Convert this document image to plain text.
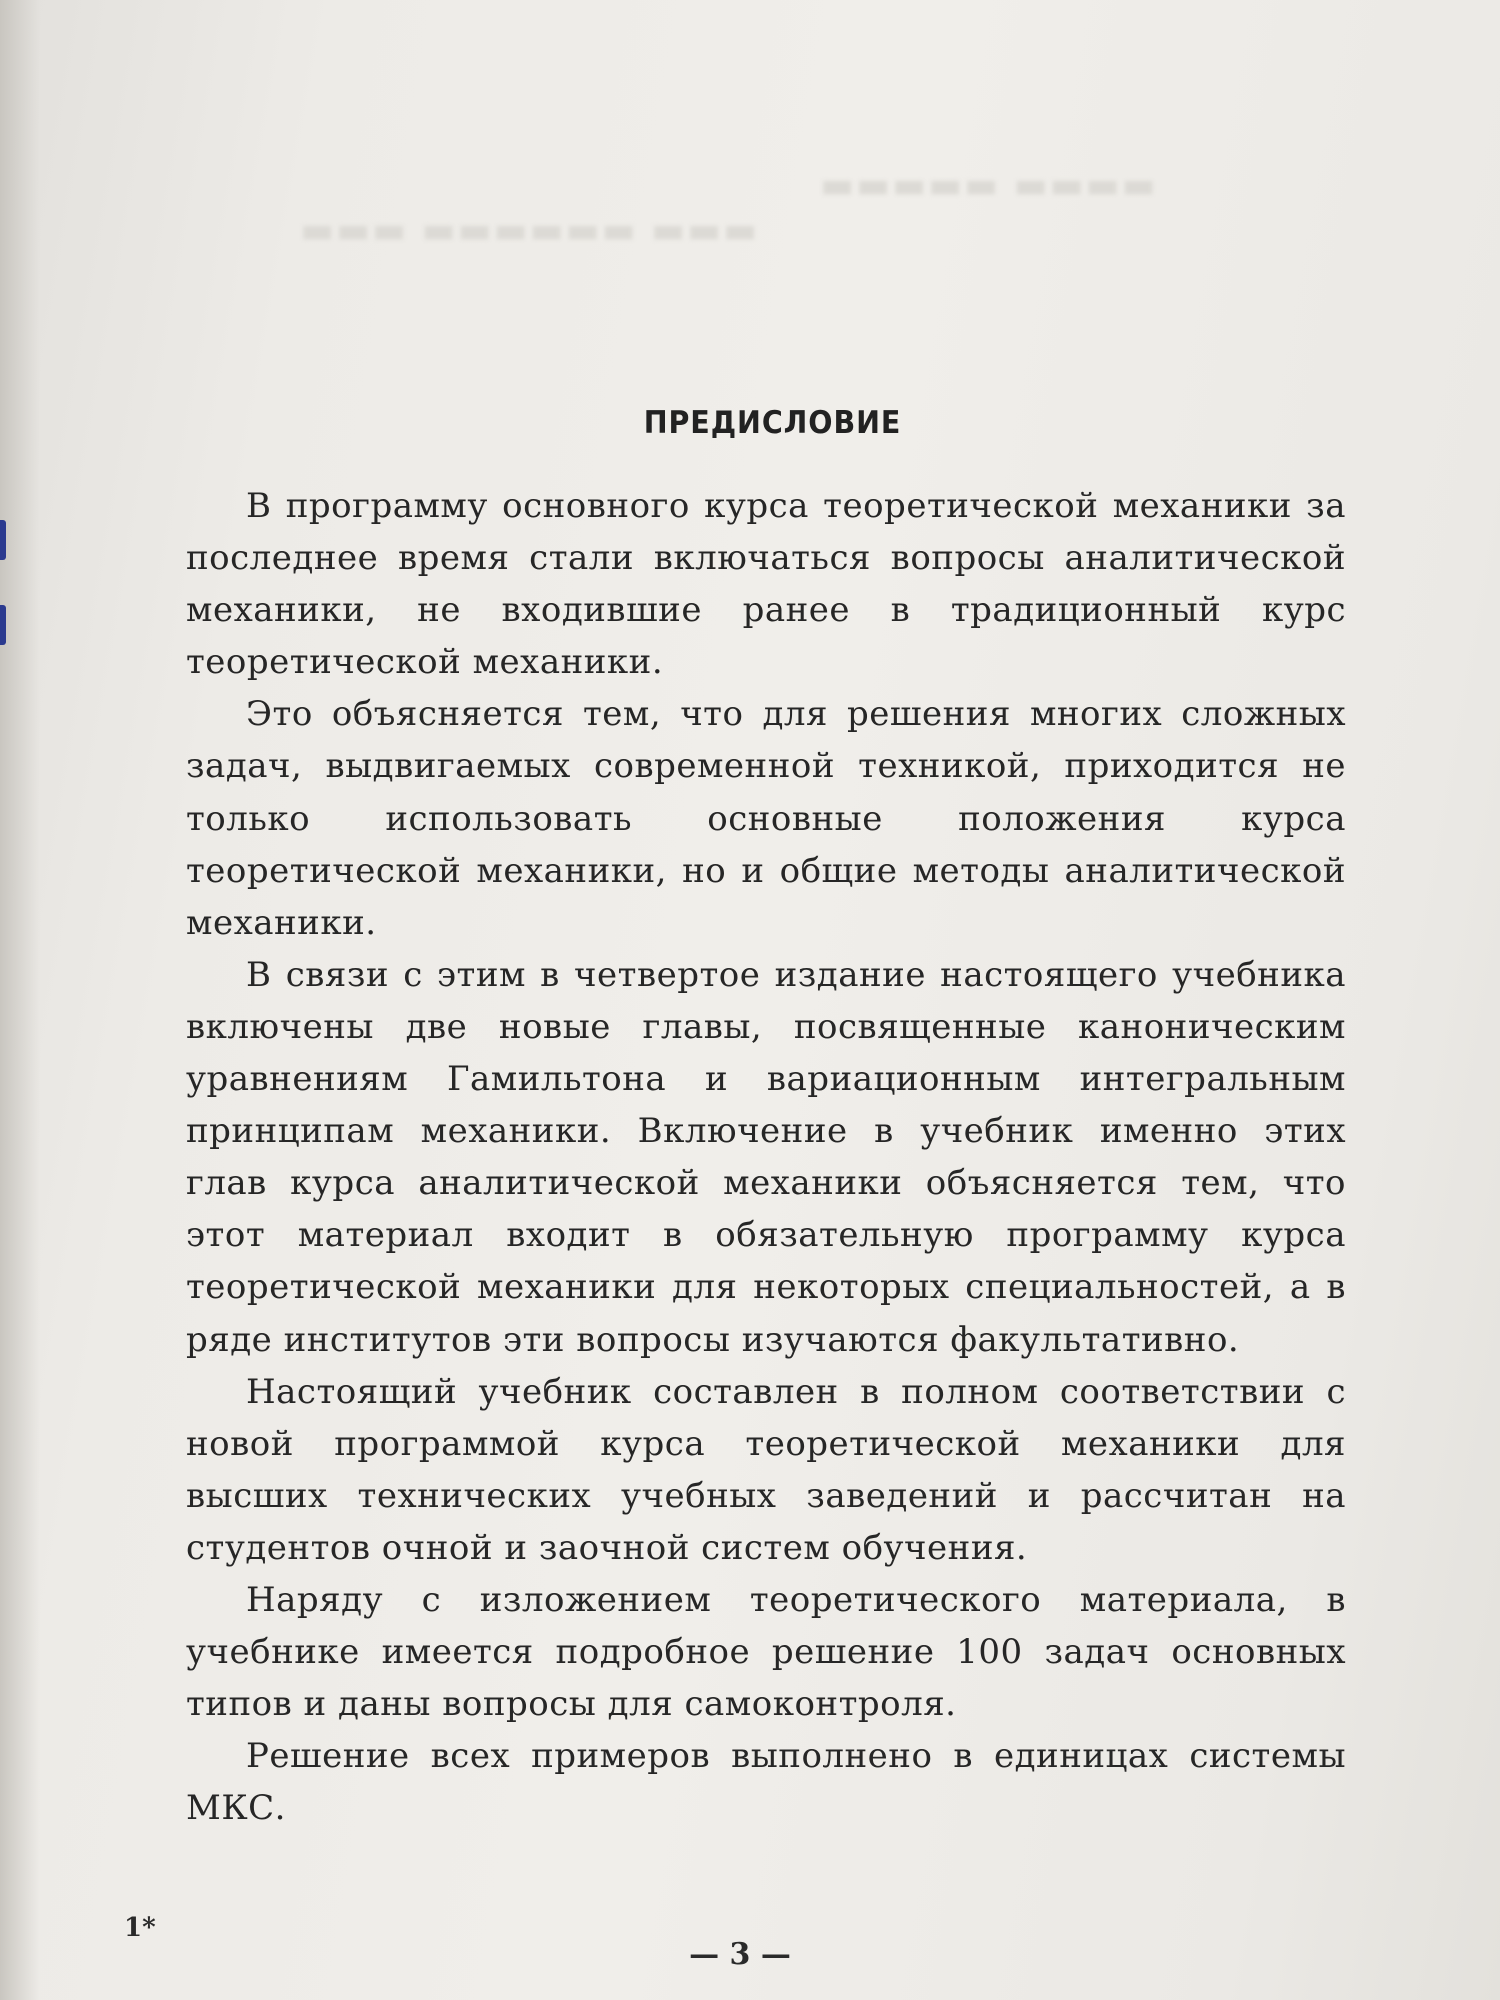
▬▬▬ ▬▬▬▬▬▬ ▬▬▬
▬▬▬▬▬ ▬▬▬▬
ПРЕДИСЛОВИЕ

В программу основного курса теоретической механики за последнее время стали включаться вопросы аналитической механики, не входившие ранее в традиционный курс теоретической механики.

Это объясняется тем, что для решения многих сложных задач, выдвигаемых современной техникой, приходится не только использовать основные положения курса теоретической механики, но и общие методы аналитической механики.

В связи с этим в четвертое издание настоящего учебника включены две новые главы, посвященные каноническим уравнениям Гамильтона и вариационным интегральным принципам механики. Включение в учебник именно этих глав курса аналитической механики объясняется тем, что этот материал входит в обязательную программу курса теоретической механики для некоторых специальностей, а в ряде институтов эти вопросы изучаются факультативно.

Настоящий учебник составлен в полном соответствии с новой программой курса теоретической механики для высших технических учебных заведений и рассчитан на студентов очной и заочной систем обучения.

Наряду с изложением теоретического материала, в учебнике имеется подробное решение 100 задач основных типов и даны вопросы для самоконтроля.

Решение всех примеров выполнено в единицах системы МКС.

1*
— 3 —
